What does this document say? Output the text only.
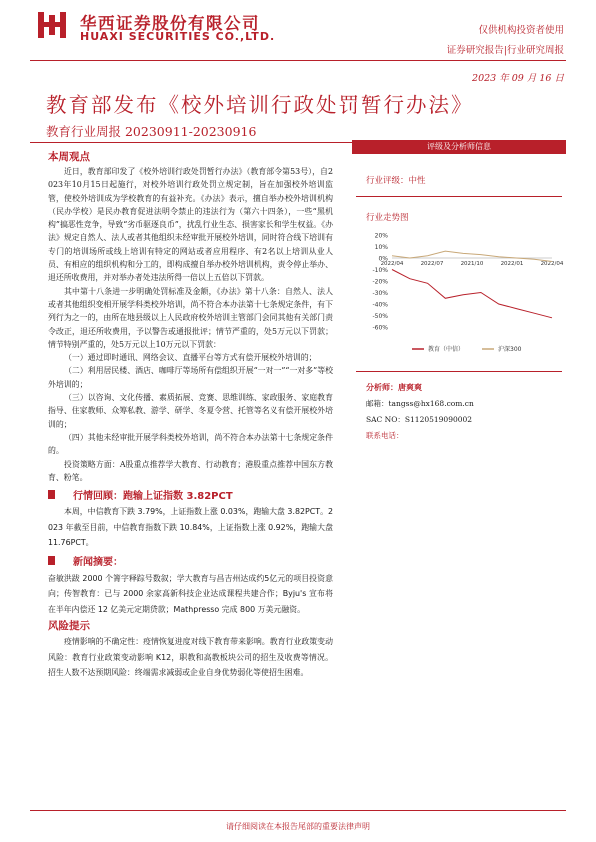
华西证券股份有限公司
HUAXI SECURITIES CO.,LTD.	仅供机构投资者使用
证券研究报告|行业研究周报
2023 年 09 月 16 日
教育部发布《校外培训行政处罚暂行办法》
教育行业周报 20230911-20230916
本周观点

近日，教育部印发了《校外培训行政处罚暂行办法》（教育部令第53号），自2023年10月15日起施行，对校外培训行政处罚立规定制，旨在加强校外培训监管，使校外培训成为学校教育的有益补充。《办法》表示，擅自举办校外培训机构（民办学校）是民办教育促进法明令禁止的违法行为（第六十四条），一些“黑机构”搞恶性竞争，导致“劣币驱逐良币”，扰乱行业生态、损害家长和学生权益。《办法》规定自然人、法人或者其他组织未经审批开展校外培训，同时符合线下培训有专门的培训场所或线上培训有特定的网站或者应用程序、有2名以上培训从业人员、有相应的组织机构和分工的，即构成擅自举办校外培训机构，责令停止举办、退还所收费用，并对举办者处违法所得一倍以上五倍以下罚款。

其中第十八条进一步明确处罚标准及金额，《办法》第十八条：自然人、法人或者其他组织变相开展学科类校外培训，尚不符合本办法第十七条规定条件，有下列行为之一的，由所在地县级以上人民政府校外培训主管部门会同其他有关部门责令改正，退还所收费用，予以警告或通报批评；情节严重的，处5万元以下罚款；情节特别严重的，处5万元以上10万元以下罚款：

（一）通过即时通讯、网络会议、直播平台等方式有偿开展校外培训的；

（二）利用居民楼、酒店、咖啡厅等场所有偿组织开展“一对一”“一对多”等校外培训的；

（三）以咨询、文化传播、素质拓展、竞赛、思维训练、家政服务、家庭教育指导、住家教师、众筹私教、游学、研学、冬夏令营、托管等名义有偿开展校外培训的；

（四）其他未经审批开展学科类校外培训，尚不符合本办法第十七条规定条件的。

投资策略方面：A股重点推荐学大教育、行动教育；港股重点推荐中国东方教育、粉笔。

行情回顾：跑输上证指数 3.82PCT

本周，中信教育下跌 3.79%，上证指数上涨 0.03%，跑输大盘 3.82PCT。2023 年截至目前，中信教育指数下跌 10.84%，上证指数上涨 0.92%，跑输大盘 11.76PCT。

新闻摘要：

奋敏洪跋 2000 个箐字释踪号数叙；学大教育与昌吉州达成约5亿元的项目投资意向；传智教育：已与 2000 余家高新科技企业达成课程共建合作；Byju's 宣布将在半年内偿还 12 亿美元定期贷款；Mathpresso 完成 800 万美元融资。

风险提示

疫情影响的不确定性：疫情恢复进度对线下教育带来影响。教育行业政策变动风险：教育行业政策变动影响 K12，职教和高教板块公司的招生及收费等情况。招生人数不达预期风险：终端需求减弱或企业自身优势弱化等使招生困难。

评级及分析师信息
行业评级：中性
行业走势图
20%
10%
0%
-10%
-20%
-30%
-40%
-50%
-60%
2022/04	2022/07	2021/10	2022/01	2022/04
教育（中信）	沪深300
分析师：唐爽爽
邮箱：tangss@hx168.com.cn
SAC NO：S1120519090002
联系电话：
请仔细阅读在本报告尾部的重要法律声明
